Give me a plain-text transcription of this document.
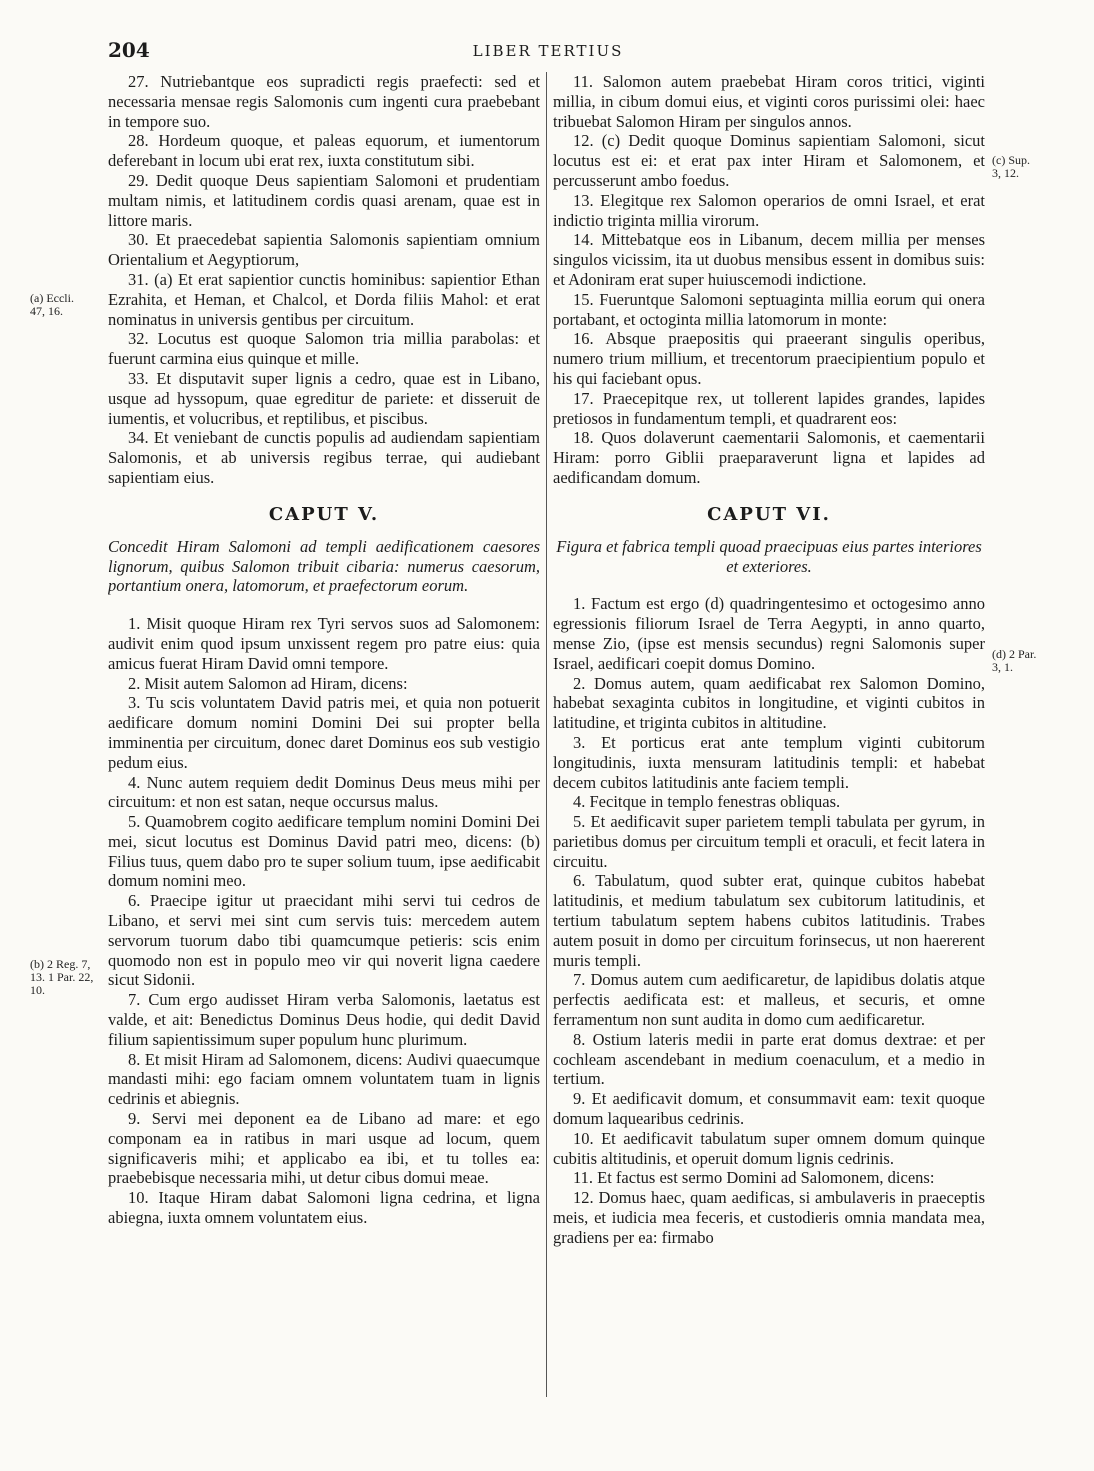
204	LIBER TERTIUS

27. Nutriebantque eos supradicti regis praefecti: sed et necessaria mensae regis Salomonis cum ingenti cura praebebant in tempore suo.

28. Hordeum quoque, et paleas equorum, et iumentorum deferebant in locum ubi erat rex, iuxta constitutum sibi.

29. Dedit quoque Deus sapientiam Salomoni et prudentiam multam nimis, et latitudinem cordis quasi arenam, quae est in littore maris.

30. Et praecedebat sapientia Salomonis sapientiam omnium Orientalium et Aegyptiorum,

31. (a) Et erat sapientior cunctis hominibus: sapientior Ethan Ezrahita, et Heman, et Chalcol, et Dorda filiis Mahol: et erat nominatus in universis gentibus per circuitum.

32. Locutus est quoque Salomon tria millia parabolas: et fuerunt carmina eius quinque et mille.

33. Et disputavit super lignis a cedro, quae est in Libano, usque ad hyssopum, quae egreditur de pariete: et disseruit de iumentis, et volucribus, et reptilibus, et piscibus.

34. Et veniebant de cunctis populis ad audiendam sapientiam Salomonis, et ab universis regibus terrae, qui audiebant sapientiam eius.

CAPUT V.

Concedit Hiram Salomoni ad templi aedificationem caesores lignorum, quibus Salomon tribuit cibaria: numerus caesorum, portantium onera, latomorum, et praefectorum eorum.

1. Misit quoque Hiram rex Tyri servos suos ad Salomonem: audivit enim quod ipsum unxissent regem pro patre eius: quia amicus fuerat Hiram David omni tempore.

2. Misit autem Salomon ad Hiram, dicens:

3. Tu scis voluntatem David patris mei, et quia non potuerit aedificare domum nomini Domini Dei sui propter bella imminentia per circuitum, donec daret Dominus eos sub vestigio pedum eius.

4. Nunc autem requiem dedit Dominus Deus meus mihi per circuitum: et non est satan, neque occursus malus.

5. Quamobrem cogito aedificare templum nomini Domini Dei mei, sicut locutus est Dominus David patri meo, dicens: (b) Filius tuus, quem dabo pro te super solium tuum, ipse aedificabit domum nomini meo.

6. Praecipe igitur ut praecidant mihi servi tui cedros de Libano, et servi mei sint cum servis tuis: mercedem autem servorum tuorum dabo tibi quamcumque petieris: scis enim quomodo non est in populo meo vir qui noverit ligna caedere sicut Sidonii.

7. Cum ergo audisset Hiram verba Salomonis, laetatus est valde, et ait: Benedictus Dominus Deus hodie, qui dedit David filium sapientissimum super populum hunc plurimum.

8. Et misit Hiram ad Salomonem, dicens: Audivi quaecumque mandasti mihi: ego faciam omnem voluntatem tuam in lignis cedrinis et abiegnis.

9. Servi mei deponent ea de Libano ad mare: et ego componam ea in ratibus in mari usque ad locum, quem significaveris mihi; et applicabo ea ibi, et tu tolles ea: praebebisque necessaria mihi, ut detur cibus domui meae.

10. Itaque Hiram dabat Salomoni ligna cedrina, et ligna abiegna, iuxta omnem voluntatem eius.

11. Salomon autem praebebat Hiram coros tritici, viginti millia, in cibum domui eius, et viginti coros purissimi olei: haec tribuebat Salomon Hiram per singulos annos.

12. (c) Dedit quoque Dominus sapientiam Salomoni, sicut locutus est ei: et erat pax inter Hiram et Salomonem, et percusserunt ambo foedus.

13. Elegitque rex Salomon operarios de omni Israel, et erat indictio triginta millia virorum.

14. Mittebatque eos in Libanum, decem millia per menses singulos vicissim, ita ut duobus mensibus essent in domibus suis: et Adoniram erat super huiuscemodi indictione.

15. Fueruntque Salomoni septuaginta millia eorum qui onera portabant, et octoginta millia latomorum in monte:

16. Absque praepositis qui praeerant singulis operibus, numero trium millium, et trecentorum praecipientium populo et his qui faciebant opus.

17. Praecepitque rex, ut tollerent lapides grandes, lapides pretiosos in fundamentum templi, et quadrarent eos:

18. Quos dolaverunt caementarii Salomonis, et caementarii Hiram: porro Giblii praeparaverunt ligna et lapides ad aedificandam domum.

CAPUT VI.

Figura et fabrica templi quoad praecipuas eius partes interiores et exteriores.

1. Factum est ergo (d) quadringentesimo et octogesimo anno egressionis filiorum Israel de Terra Aegypti, in anno quarto, mense Zio, (ipse est mensis secundus) regni Salomonis super Israel, aedificari coepit domus Domino.

2. Domus autem, quam aedificabat rex Salomon Domino, habebat sexaginta cubitos in longitudine, et viginti cubitos in latitudine, et triginta cubitos in altitudine.

3. Et porticus erat ante templum viginti cubitorum longitudinis, iuxta mensuram latitudinis templi: et habebat decem cubitos latitudinis ante faciem templi.

4. Fecitque in templo fenestras obliquas.

5. Et aedificavit super parietem templi tabulata per gyrum, in parietibus domus per circuitum templi et oraculi, et fecit latera in circuitu.

6. Tabulatum, quod subter erat, quinque cubitos habebat latitudinis, et medium tabulatum sex cubitorum latitudinis, et tertium tabulatum septem habens cubitos latitudinis. Trabes autem posuit in domo per circuitum forinsecus, ut non haererent muris templi.

7. Domus autem cum aedificaretur, de lapidibus dolatis atque perfectis aedificata est: et malleus, et securis, et omne ferramentum non sunt audita in domo cum aedificaretur.

8. Ostium lateris medii in parte erat domus dextrae: et per cochleam ascendebant in medium coenaculum, et a medio in tertium.

9. Et aedificavit domum, et consummavit eam: texit quoque domum laquearibus cedrinis.

10. Et aedificavit tabulatum super omnem domum quinque cubitis altitudinis, et operuit domum lignis cedrinis.

11. Et factus est sermo Domini ad Salomonem, dicens:

12. Domus haec, quam aedificas, si ambulaveris in praeceptis meis, et iudicia mea feceris, et custodieris omnia mandata mea, gradiens per ea: firmabo

(a) Eccli.
47, 16.
(b) 2 Reg. 7,
13. 1 Par. 22,
10.
(c) Sup.
3, 12.
(d) 2 Par.
3, 1.
